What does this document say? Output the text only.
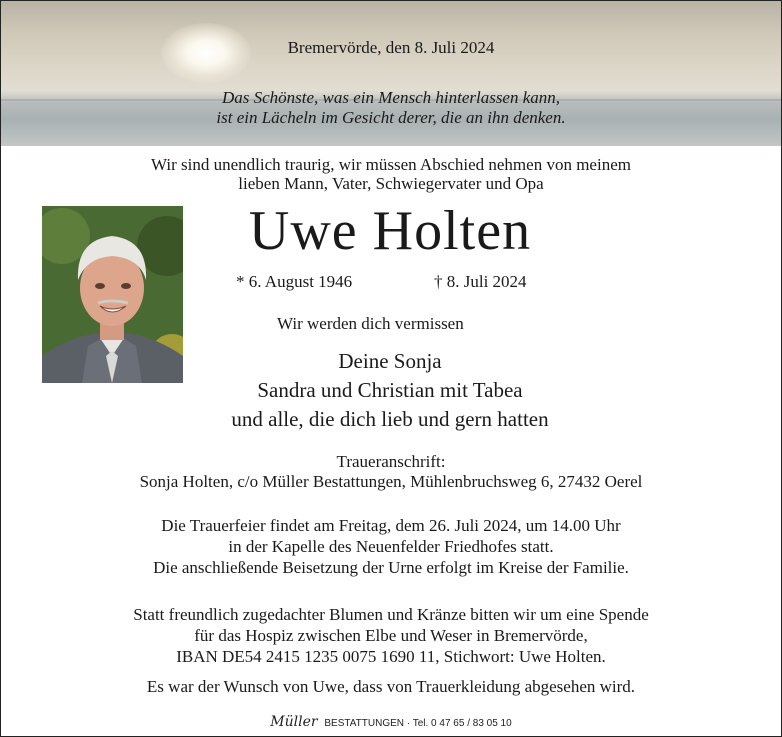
Bremervörde, den 8. Juli 2024
Das Schönste, was ein Mensch hinterlassen kann,
ist ein Lächeln im Gesicht derer, die an ihn denken.
Wir sind unendlich traurig, wir müssen Abschied nehmen von meinem
lieben Mann, Vater, Schwiegervater und Opa
Uwe Holten
* 6. August 1946	† 8. Juli 2024
Wir werden dich vermissen
Deine Sonja
Sandra und Christian mit Tabea
und alle, die dich lieb und gern hatten
Traueranschrift:
Sonja Holten, c/o Müller Bestattungen, Mühlenbruchsweg 6, 27432 Oerel
Die Trauerfeier findet am Freitag, dem 26. Juli 2024, um 14.00 Uhr
in der Kapelle des Neuenfelder Friedhofes statt.
Die anschließende Beisetzung der Urne erfolgt im Kreise der Familie.
Statt freundlich zugedachter Blumen und Kränze bitten wir um eine Spende
für das Hospiz zwischen Elbe und Weser in Bremervörde,
IBAN DE54 2415 1235 0075 1690 11, Stichwort: Uwe Holten.
Es war der Wunsch von Uwe, dass von Trauerkleidung abgesehen wird.
Müller BESTATTUNGEN · Tel. 0 47 65 / 83 05 10
